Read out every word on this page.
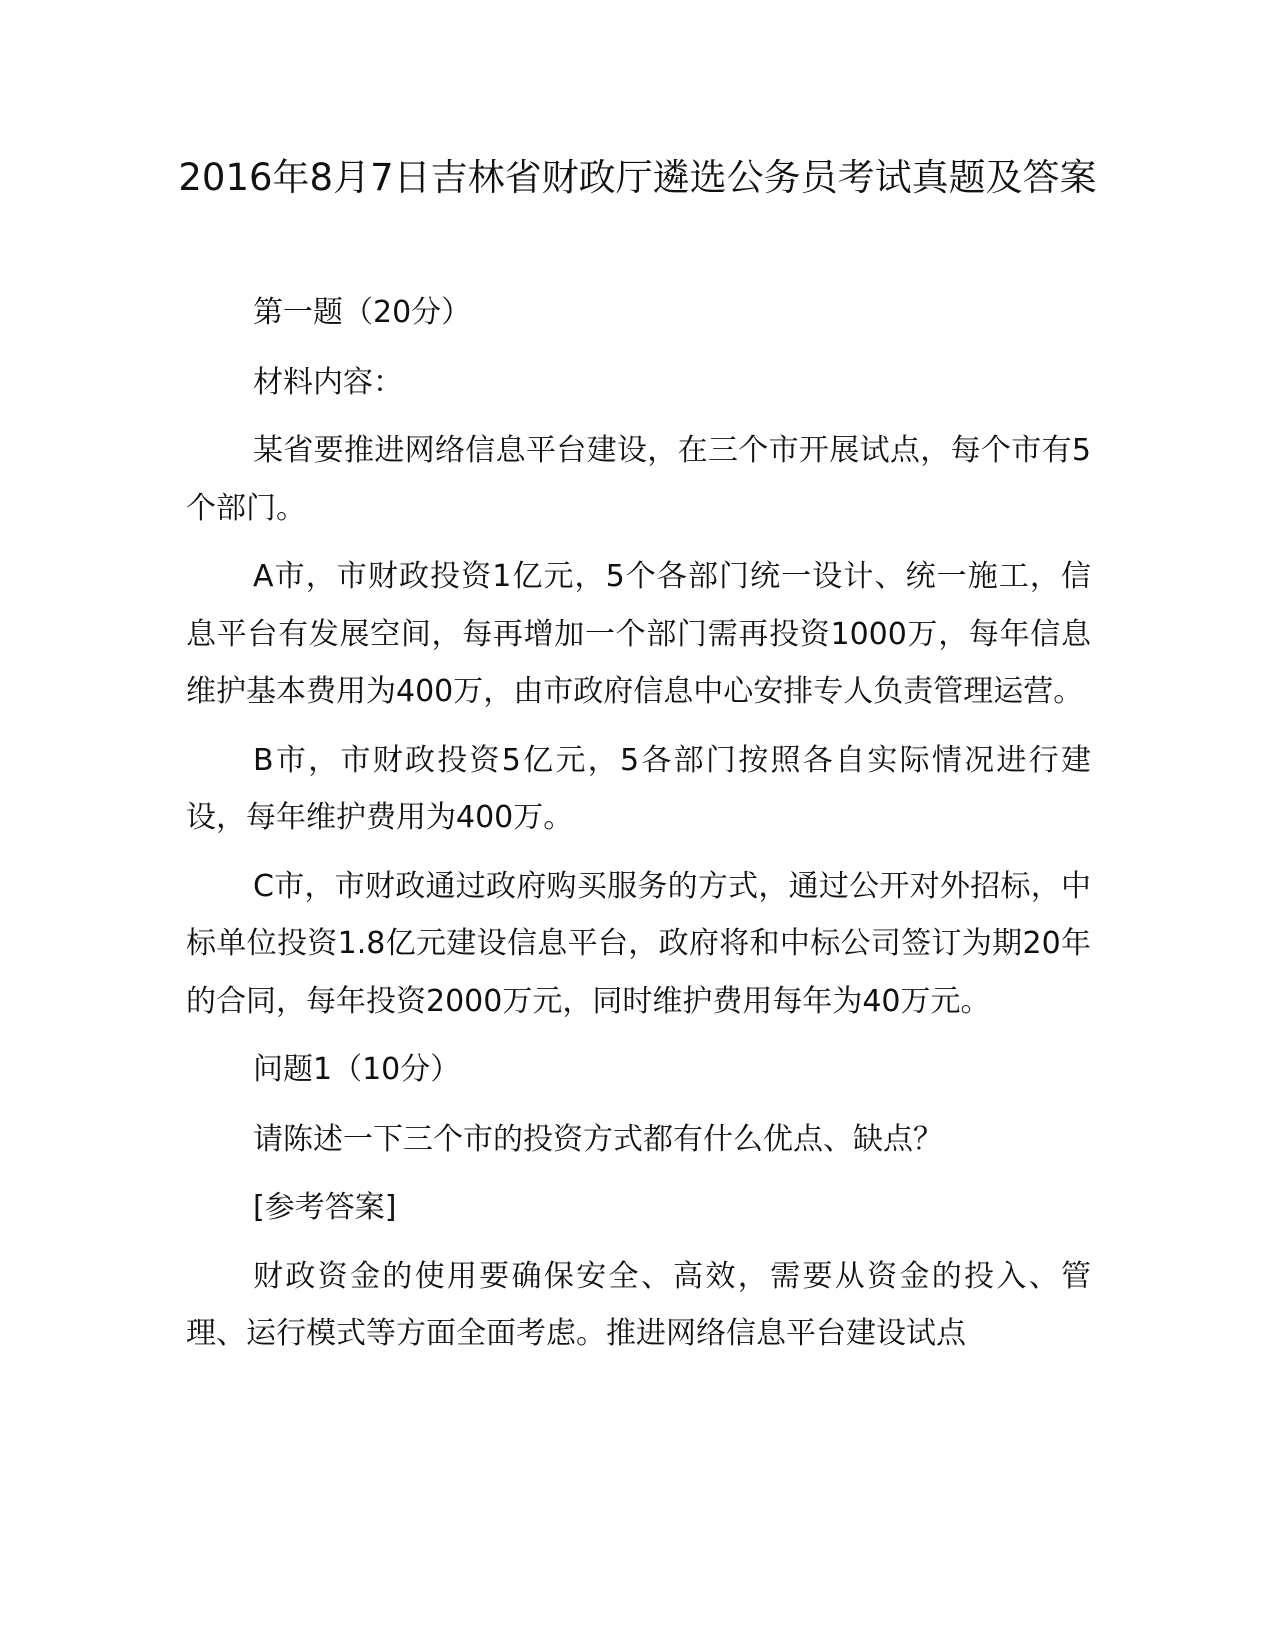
2016年8月7日吉林省财政厅遴选公务员考试真题及答案

第一题（20分）

材料内容：

某省要推进网络信息平台建设，在三个市开展试点，每个市有5个部门。

A市，市财政投资1亿元，5个各部门统一设计、统一施工，信息平台有发展空间，每再增加一个部门需再投资1000万，每年信息维护基本费用为400万，由市政府信息中心安排专人负责管理运营。

B市，市财政投资5亿元，5各部门按照各自实际情况进行建设，每年维护费用为400万。

C市，市财政通过政府购买服务的方式，通过公开对外招标，中标单位投资1.8亿元建设信息平台，政府将和中标公司签订为期20年的合同，每年投资2000万元，同时维护费用每年为40万元。

问题1（10分）

请陈述一下三个市的投资方式都有什么优点、缺点？

[参考答案]

财政资金的使用要确保安全、高效，需要从资金的投入、管理、运行模式等方面全面考虑。推进网络信息平台建设试点
